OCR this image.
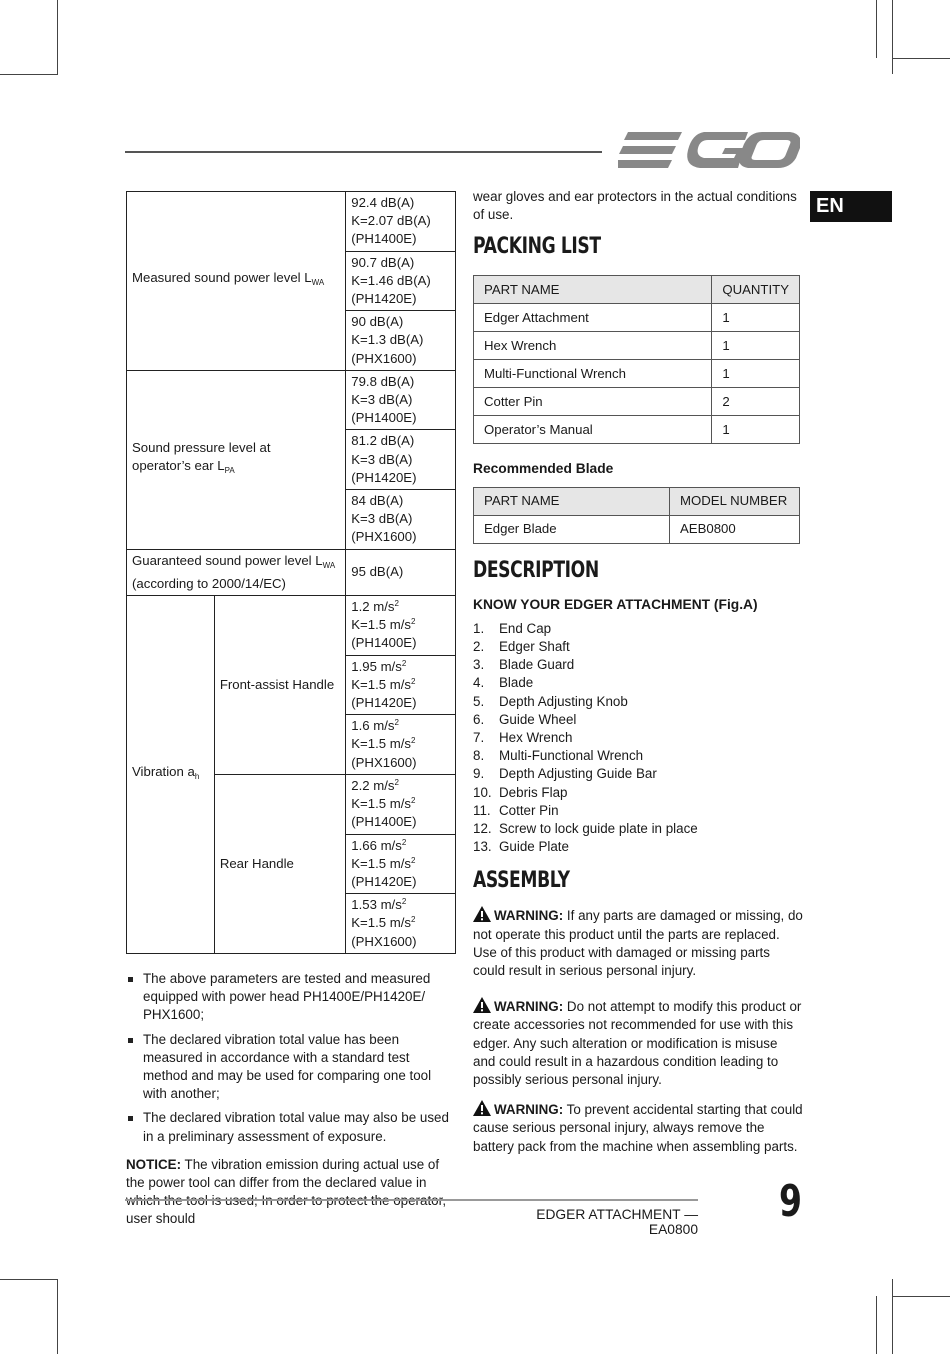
EN
Measured sound power level $L_{WA}$		92.4 dB(A)
K=2.07 dB(A)
(PH1400E)
		90.7 dB(A)
K=1.46 dB(A)
(PH1420E)
		90 dB(A)
K=1.3 dB(A)
(PHX1600)
Sound pressure level at
operator’s ear $L_{PA}$		79.8 dB(A)
K=3 dB(A)
(PH1400E)
		81.2 dB(A)
K=3 dB(A)
(PH1420E)
		84 dB(A)
K=3 dB(A)
(PHX1600)
Guaranteed sound power level $L_{WA}$
(according to 2000/14/EC)		95 dB(A)
Vibration $a_h$	Front-assist Handle	1.2 $m/s^2$
K=1.5 $m/s^2$
(PH1400E)
		1.95 $m/s^2$
K=1.5 $m/s^2$
(PH1420E)
		1.6 $m/s^2$
K=1.5 $m/s^2$
(PHX1600)
	Rear Handle	2.2 $m/s^2$
K=1.5 $m/s^2$
(PH1400E)
		1.66 $m/s^2$
K=1.5 $m/s^2$
(PH1420E)
		1.53 $m/s^2$
K=1.5 $m/s^2$
(PHX1600)
The above parameters are tested and measured equipped with power head PH1400E/PH1420E/ PHX1600;
The declared vibration total value has been measured in accordance with a standard test method and may be used for comparing one tool with another;
The declared vibration total value may also be used in a preliminary assessment of exposure.
NOTICE: The vibration emission during actual use of the power tool can differ from the declared value in user should
wear gloves and ear protectors in the actual conditions of use.
PACKING LIST
PART NAME	QUANTITY
Edger Attachment	1
Hex Wrench	1
Multi-Functional Wrench	1
Cotter Pin	2
Operator’s Manual	1
Recommended Blade
PART NAME	MODEL NUMBER
Edger Blade	AEB0800
DESCRIPTION
KNOW YOUR EDGER ATTACHMENT (Fig.A)
1. End Cap
2. Edger Shaft
3. Blade Guard
4. Blade
5. Depth Adjusting Knob
6. Guide Wheel
7. Hex Wrench
8. Multi-Functional Wrench
9. Depth Adjusting Guide Bar
10. Debris Flap
11. Cotter Pin
12. Screw to lock guide plate in place
13. Guide Plate
ASSEMBLY
WARNING: If any parts are damaged or missing, do not operate this product until the parts are replaced. Use of this product with damaged or missing parts could result in serious personal injury.
WARNING: Do not attempt to modify this product or create accessories not recommended for use with this edger. Any such alteration or modification is misuse and could result in a hazardous condition leading to possibly serious personal injury.
WARNING: To prevent accidental starting that could cause serious personal injury, always remove the battery pack from the machine when assembling parts.
EDGER ATTACHMENT — EA0800
9
